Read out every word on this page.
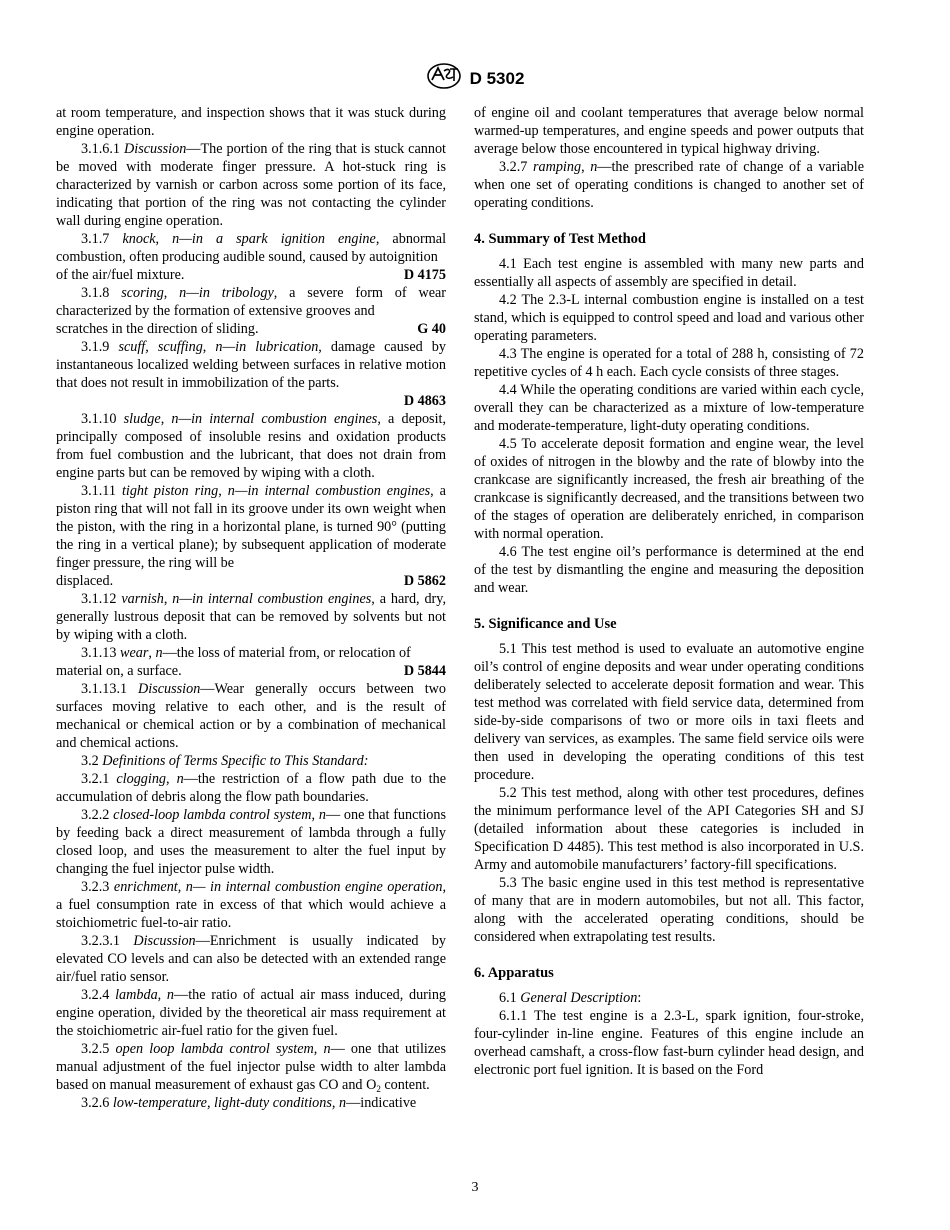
D 5302

at room temperature, and inspection shows that it was stuck during engine operation.

3.1.6.1 Discussion—The portion of the ring that is stuck cannot be moved with moderate finger pressure. A hot-stuck ring is characterized by varnish or carbon across some portion of its face, indicating that portion of the ring was not contacting the cylinder wall during engine operation.

3.1.7 knock, n—in a spark ignition engine, abnormal combustion, often producing audible sound, caused by autoignition

of the air/fuel mixture.	D 4175

3.1.8 scoring, n—in tribology, a severe form of wear characterized by the formation of extensive grooves and

scratches in the direction of sliding.	G 40

3.1.9 scuff, scuffing, n—in lubrication, damage caused by instantaneous localized welding between surfaces in relative motion that does not result in immobilization of the parts.

D 4863

3.1.10 sludge, n—in internal combustion engines, a deposit, principally composed of insoluble resins and oxidation products from fuel combustion and the lubricant, that does not drain from engine parts but can be removed by wiping with a cloth.

3.1.11 tight piston ring, n—in internal combustion engines, a piston ring that will not fall in its groove under its own weight when the piston, with the ring in a horizontal plane, is turned 90° (putting the ring in a vertical plane); by subsequent application of moderate finger pressure, the ring will be

displaced.	D 5862

3.1.12 varnish, n—in internal combustion engines, a hard, dry, generally lustrous deposit that can be removed by solvents but not by wiping with a cloth.

3.1.13 wear, n—the loss of material from, or relocation of

material on, a surface.	D 5844

3.1.13.1 Discussion—Wear generally occurs between two surfaces moving relative to each other, and is the result of mechanical or chemical action or by a combination of mechanical and chemical actions.

3.2 Definitions of Terms Specific to This Standard:

3.2.1 clogging, n—the restriction of a flow path due to the accumulation of debris along the flow path boundaries.

3.2.2 closed-loop lambda control system, n— one that functions by feeding back a direct measurement of lambda through a fully closed loop, and uses the measurement to alter the fuel input by changing the fuel injector pulse width.

3.2.3 enrichment, n— in internal combustion engine operation, a fuel consumption rate in excess of that which would achieve a stoichiometric fuel-to-air ratio.

3.2.3.1 Discussion—Enrichment is usually indicated by elevated CO levels and can also be detected with an extended range air/fuel ratio sensor.

3.2.4 lambda, n—the ratio of actual air mass induced, during engine operation, divided by the theoretical air mass requirement at the stoichiometric air-fuel ratio for the given fuel.

3.2.5 open loop lambda control system, n— one that utilizes manual adjustment of the fuel injector pulse width to alter lambda based on manual measurement of exhaust gas CO and $O_2$ content.

3.2.6 low-temperature, light-duty conditions, n—indicative

of engine oil and coolant temperatures that average below normal warmed-up temperatures, and engine speeds and power outputs that average below those encountered in typical highway driving.

3.2.7 ramping, n—the prescribed rate of change of a variable when one set of operating conditions is changed to another set of operating conditions.

4. Summary of Test Method

4.1 Each test engine is assembled with many new parts and essentially all aspects of assembly are specified in detail.

4.2 The 2.3-L internal combustion engine is installed on a test stand, which is equipped to control speed and load and various other operating parameters.

4.3 The engine is operated for a total of 288 h, consisting of 72 repetitive cycles of 4 h each. Each cycle consists of three stages.

4.4 While the operating conditions are varied within each cycle, overall they can be characterized as a mixture of low-temperature and moderate-temperature, light-duty operating conditions.

4.5 To accelerate deposit formation and engine wear, the level of oxides of nitrogen in the blowby and the rate of blowby into the crankcase are significantly increased, the fresh air breathing of the crankcase is significantly decreased, and the transitions between two of the stages of operation are deliberately enriched, in comparison with normal operation.

4.6 The test engine oil’s performance is determined at the end of the test by dismantling the engine and measuring the deposition and wear.

5. Significance and Use

5.1 This test method is used to evaluate an automotive engine oil’s control of engine deposits and wear under operating conditions deliberately selected to accelerate deposit formation and wear. This test method was correlated with field service data, determined from side-by-side comparisons of two or more oils in taxi fleets and delivery van services, as examples. The same field service oils were then used in developing the operating conditions of this test procedure.

5.2 This test method, along with other test procedures, defines the minimum performance level of the API Categories SH and SJ (detailed information about these categories is included in Specification D 4485). This test method is also incorporated in U.S. Army and automobile manufacturers’ factory-fill specifications.

5.3 The basic engine used in this test method is representative of many that are in modern automobiles, but not all. This factor, along with the accelerated operating conditions, should be considered when extrapolating test results.

6. Apparatus

6.1 General Description:

6.1.1 The test engine is a 2.3-L, spark ignition, four-stroke, four-cylinder in-line engine. Features of this engine include an overhead camshaft, a cross-flow fast-burn cylinder head design, and electronic port fuel ignition. It is based on the Ford

3
